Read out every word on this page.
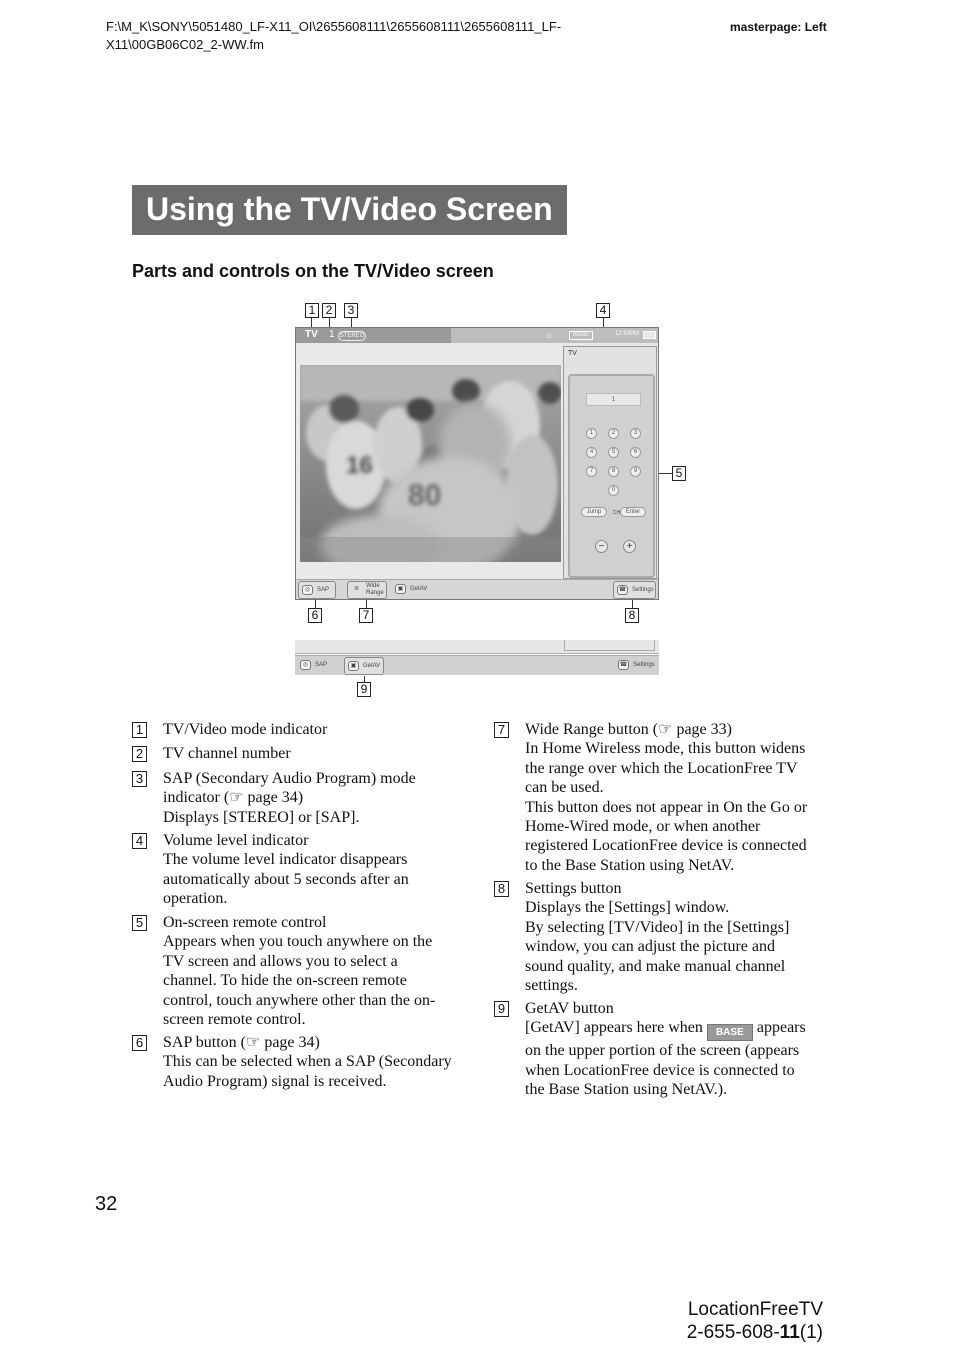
F:\M_K\SONY\5051480_LF-X11_OI\2655608111\2655608111\2655608111_LF-X11\00GB06C02_2-WW.fm
masterpage: Left
Using the TV/Video Screen
Parts and controls on the TV/Video screen
1 2	3	4
5
TV 1 STEREO	⌂	BASE	12:53PM
16
80
TV
1
1	2	3
4	5	6
7	8	9
0
Jump	Enter
CH
−	+
◎	SAP	≋	Wide
Range
▣	GetAV	☎ Settings
6	7	8
◎	SAP	▣	GetAV	☎ Settings
9
1 TV/Video mode indicator
2 TV channel number
3 SAP (Secondary Audio Program) mode
indicator (☞ page 34)
Displays [STEREO] or [SAP].
4 Volume level indicator
The volume level indicator disappears
automatically about 5 seconds after an
operation.
5 On-screen remote control
Appears when you touch anywhere on the
TV screen and allows you to select a
channel. To hide the on-screen remote
control, touch anywhere other than the on-
screen remote control.
6 SAP button (☞ page 34)
This can be selected when a SAP (Secondary
Audio Program) signal is received.
7 Wide Range button (☞ page 33)
In Home Wireless mode, this button widens
the range over which the LocationFree TV
can be used.
This button does not appear in On the Go or
Home-Wired mode, or when another
registered LocationFree device is connected
to the Base Station using NetAV.
8 Settings button
Displays the [Settings] window.
By selecting [TV/Video] in the [Settings]
window, you can adjust the picture and
sound quality, and make manual channel
settings.
9 GetAV button
[GetAV] appears here when BASE appears
on the upper portion of the screen (appears
when LocationFree device is connected to
the Base Station using NetAV.).
32
LocationFreeTV
2-655-608-11(1)
